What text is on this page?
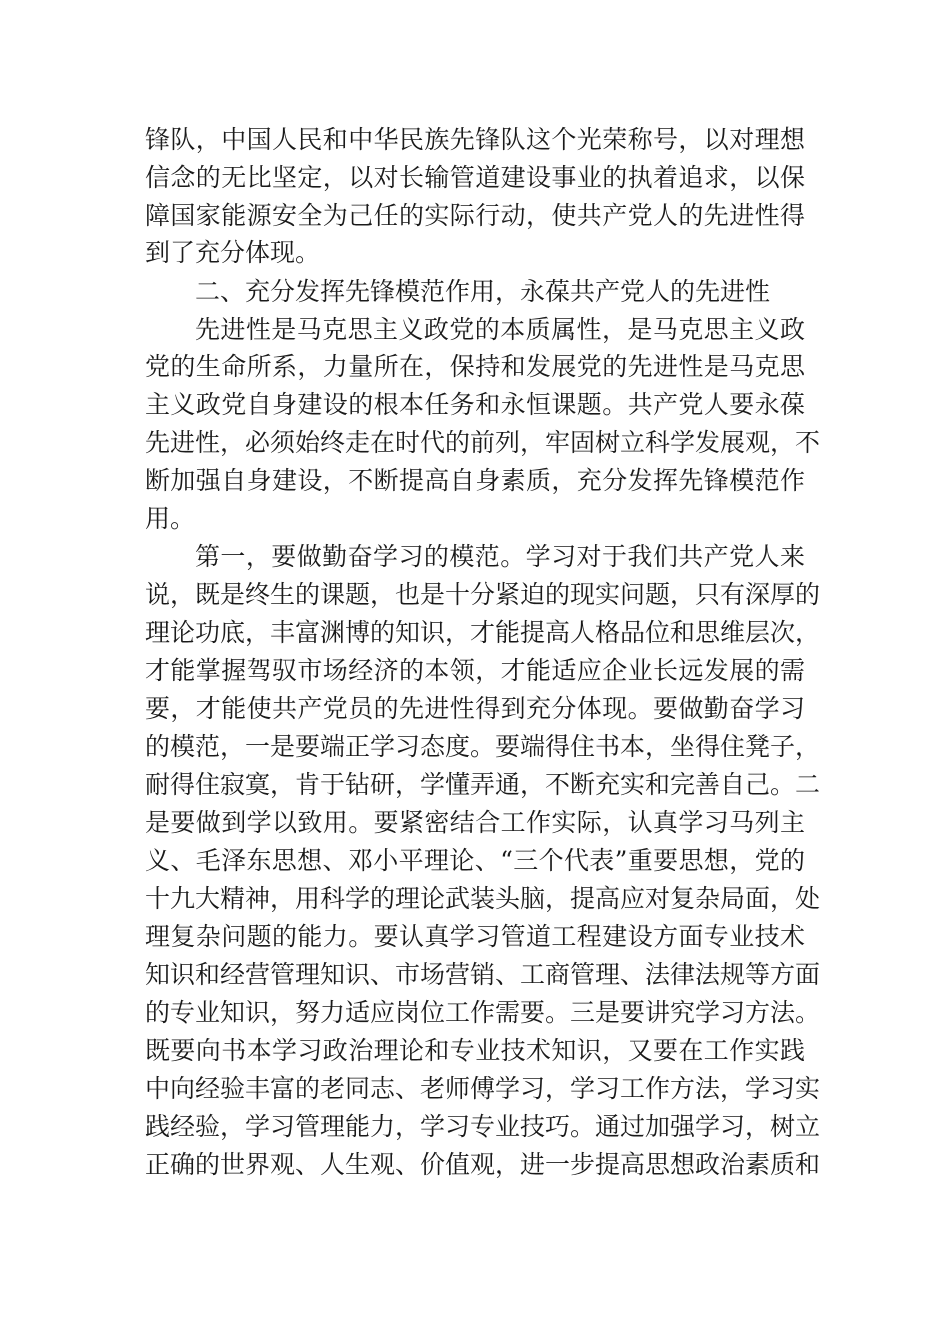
锋队，中国人民和中华民族先锋队这个光荣称号，以对理想
信念的无比坚定，以对长输管道建设事业的执着追求，以保
障国家能源安全为己任的实际行动，使共产党人的先进性得
到了充分体现。
二、充分发挥先锋模范作用，永葆共产党人的先进性
先进性是马克思主义政党的本质属性，是马克思主义政
党的生命所系，力量所在，保持和发展党的先进性是马克思
主义政党自身建设的根本任务和永恒课题。共产党人要永葆
先进性，必须始终走在时代的前列，牢固树立科学发展观，不
断加强自身建设，不断提高自身素质，充分发挥先锋模范作
用。
第一，要做勤奋学习的模范。学习对于我们共产党人来
说，既是终生的课题，也是十分紧迫的现实问题，只有深厚的
理论功底，丰富渊博的知识，才能提高人格品位和思维层次，
才能掌握驾驭市场经济的本领，才能适应企业长远发展的需
要，才能使共产党员的先进性得到充分体现。要做勤奋学习
的模范，一是要端正学习态度。要端得住书本，坐得住凳子，
耐得住寂寞，肯于钻研，学懂弄通，不断充实和完善自己。二
是要做到学以致用。要紧密结合工作实际，认真学习马列主
义、毛泽东思想、邓小平理论、“三个代表”重要思想，党的
十九大精神，用科学的理论武装头脑，提高应对复杂局面，处
理复杂问题的能力。要认真学习管道工程建设方面专业技术
知识和经营管理知识、市场营销、工商管理、法律法规等方面
的专业知识，努力适应岗位工作需要。三是要讲究学习方法。
既要向书本学习政治理论和专业技术知识，又要在工作实践
中向经验丰富的老同志、老师傅学习，学习工作方法，学习实
践经验，学习管理能力，学习专业技巧。通过加强学习，树立
正确的世界观、人生观、价值观，进一步提高思想政治素质和
